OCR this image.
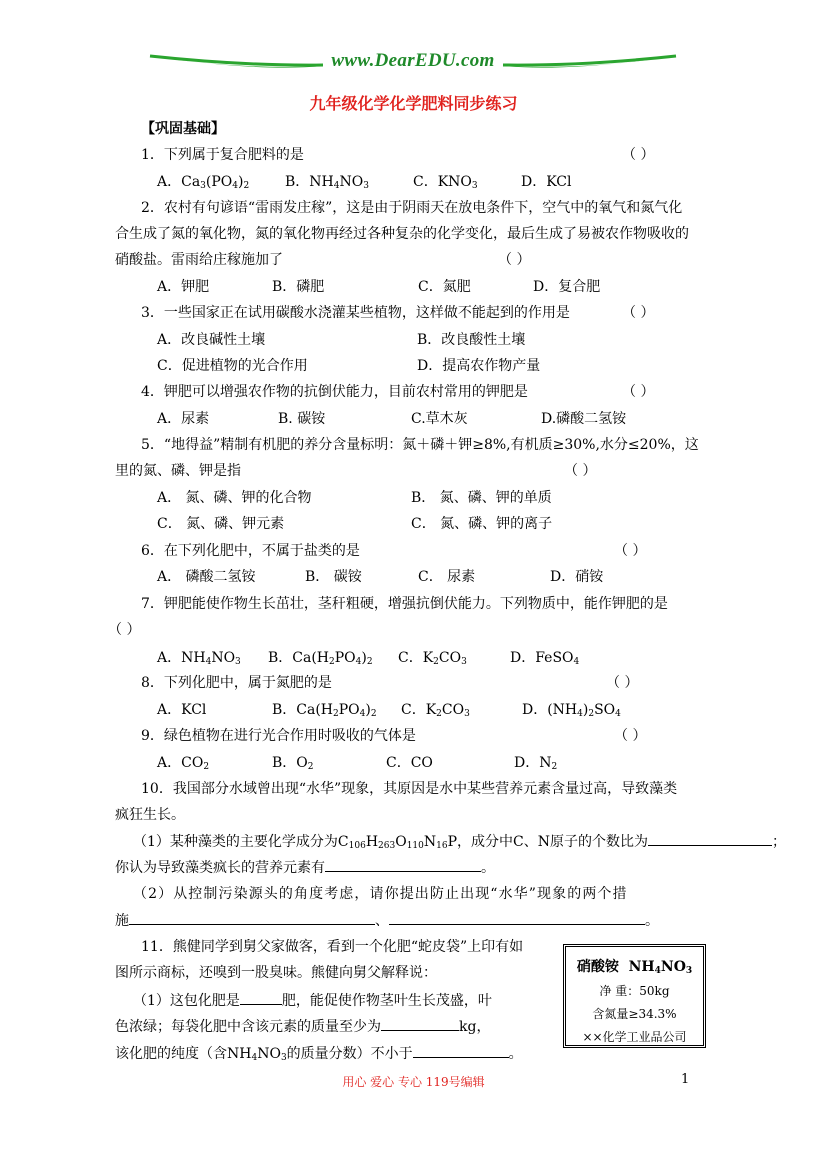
www.DearEDU.com
九年级化学化学肥料同步练习
【巩固基础】
1．下列属于复合肥料的是	（ ）
A．$Ca_3(PO_4)_2$	B．$NH_4NO_3$	C．$KNO_3$	D．KCl
2．农村有句谚语“雷雨发庄稼”，这是由于阴雨天在放电条件下，空气中的氧气和氮气化
合生成了氮的氧化物，氮的氧化物再经过各种复杂的化学变化，最后生成了易被农作物吸收的
硝酸盐。雷雨给庄稼施加了	（ ）
A．钾肥	B．磷肥	C．氮肥	D．复合肥
3．一些国家正在试用碳酸水浇灌某些植物，这样做不能起到的作用是	（ ）
A．改良碱性土壤	B．改良酸性土壤
C．促进植物的光合作用	D．提高农作物产量
4．钾肥可以增强农作物的抗倒伏能力，目前农村常用的钾肥是	（ ）
A．尿素	B. 碳铵	C.草木灰	D.磷酸二氢铵
5．“地得益”精制有机肥的养分含量标明：氮＋磷＋钾≥8%,有机质≥30%,水分≤20%，这
里的氮、磷、钾是指	（ ）
A． 氮、磷、钾的化合物	B． 氮、磷、钾的单质
C． 氮、磷、钾元素	C． 氮、磷、钾的离子
6．在下列化肥中，不属于盐类的是	（ ）
A． 磷酸二氢铵	B． 碳铵	C． 尿素	D．硝铵
7．钾肥能使作物生长茁壮，茎秆粗硬，增强抗倒伏能力。下列物质中，能作钾肥的是
（ ）
A．$NH_4NO_3$ B．$Ca(H_2PO_4)_2$ C．$K_2CO_3$	D．FeSO$_4$
8．下列化肥中，属于氮肥的是	（ ）
A．KCl	B．$Ca(H_2PO_4)_2$ C．$K_2CO_3$	D．$(NH_4)_2SO_4$
9．绿色植物在进行光合作用时吸收的气体是	（ ）
A．$CO_2$	B．$O_2$	C．CO	D．$N_2$
10．我国部分水域曾出现“水华”现象，其原因是水中某些营养元素含量过高，导致藻类
疯狂生长。
（1）某种藻类的主要化学成分为$C_{106}H_{263}O_{110}N_{16}P$，成分中C、N原子的个数比为	；
你认为导致藻类疯长的营养元素有	。
（2）从控制污染源头的角度考虑，请你提出防止出现“水华”现象的两个措
施	、	。
11．熊健同学到舅父家做客，看到一个化肥“蛇皮袋”上印有如
图所示商标，还嗅到一股臭味。熊健向舅父解释说：
（1）这包化肥是	肥，能促使作物茎叶生长茂盛，叶
色浓绿；每袋化肥中含该元素的质量至少为	kg，
该化肥的纯度（含$NH_4NO_3$的质量分数）不小于	。
硝酸铵 $NH_4NO_3$
净 重：50kg
含氮量≥34.3%
××化学工业品公司
用心 爱心 专心 119号编辑	1
